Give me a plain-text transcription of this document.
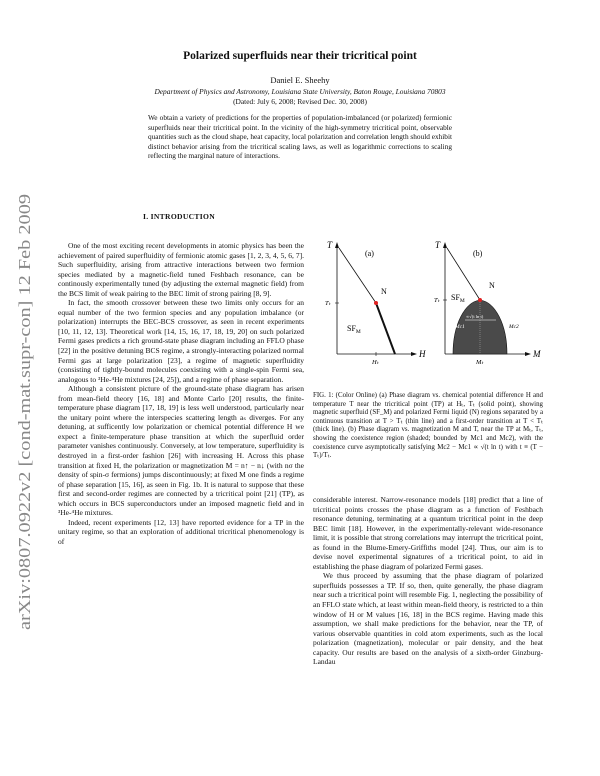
arXiv:0807.0922v2 [cond-mat.supr-con] 12 Feb 2009
Polarized superfluids near their tricritical point
Daniel E. Sheehy
Department of Physics and Astronomy, Louisiana State University, Baton Rouge, Louisiana 70803
(Dated: July 6, 2008; Revised Dec. 30, 2008)
We obtain a variety of predictions for the properties of population-imbalanced (or polarized) fermionic superfluids near their tricritical point. In the vicinity of the high-symmetry tricritical point, observable quantities such as the cloud shape, heat capacity, local polarization and correlation length should exhibit distinct behavior arising from the tricritical scaling laws, as well as logarithmic corrections to scaling reflecting the marginal nature of interactions.
I. INTRODUCTION

One of the most exciting recent developments in atomic physics has been the achievement of paired superfluidity of fermionic atomic gases [1, 2, 3, 4, 5, 6, 7]. Such superfluidity, arising from attractive interactions between two fermion species mediated by a magnetic-field tuned Feshbach resonance, can be continously experimentally tuned (by adjusting the external magnetic field) from the BCS limit of weak pairing to the BEC limit of strong pairing [8, 9].

In fact, the smooth crossover between these two limits only occurs for an equal number of the two fermion species and any population imbalance (or polarization) interrupts the BEC-BCS crossover, as seen in recent experiments [10, 11, 12, 13]. Theoretical work [14, 15, 16, 17, 18, 19, 20] on such polarized Fermi gases predicts a rich ground-state phase diagram including an FFLO phase [22] in the positive detuning BCS regime, a strongly-interacting polarized normal Fermi gas at large polarization [23], a regime of magnetic superfluidity (consisting of tightly-bound molecules coexisting with a single-spin Fermi sea, analogous to ³He-⁴He mixtures [24, 25]), and a regime of phase separation.

Although a consistent picture of the ground-state phase diagram has arisen from mean-field theory [16, 18] and Monte Carlo [20] results, the finite-temperature phase diagram [17, 18, 19] is less well understood, particularly near the unitary point where the interspecies scattering length aₛ diverges. For any detuning, at sufficently low polarization or chemical potential difference H we expect a finite-temperature phase transition at which the superfluid order parameter vanishes continuously. Conversely, at low temperature, superfluidity is destroyed in a first-order fashion [26] with increasing H. Across this phase transition at fixed H, the polarization or magnetization M = n↑ − n↓ (with nσ the density of spin-σ fermions) jumps discontinuously; at fixed M one finds a regime of phase separation [15, 16], as seen in Fig. 1b. It is natural to suppose that these first and second-order regimes are connected by a tricritical point [21] (TP), as which occurs in BCS superconductors under an imposed magnetic field and in ³He-⁴He mixtures.

Indeed, recent experiments [12, 13] have reported evidence for a TP in the unitary regime, so that an exploration of additional tricritical phenomenology is of

T
H
(a)
Tₜ
Hₜ
N
$SF_M$
T
M
(b)
Tₜ
Mₜ
Mc1	Mc2
∝√(t ln t)
N
$SF_M$
FIG. 1: (Color Online) (a) Phase diagram vs. chemical potential difference H and temperature T near the tricritical point (TP) at Hₜ, Tₜ (solid point), showing magnetic superfluid (SF_M) and polarized Fermi liquid (N) regions separated by a continuous transition at T > Tₜ (thin line) and a first-order transition at T < Tₜ (thick line). (b) Phase diagram vs. magnetization M and T, near the TP at Mₜ, Tₜ, showing the coexistence region (shaded; bounded by Mc1 and Mc2), with the coexistence curve asymptotically satisfying Mc2 − Mc1 ∝ √(t ln t) with t ≡ (T − Tₜ)/Tₜ.

considerable interest. Narrow-resonance models [18] predict that a line of tricritical points crosses the phase diagram as a function of Feshbach resonance detuning, terminating at a quantum tricritical point in the deep BEC limit [18]. However, in the experimentally-relevant wide-resonance limit, it is possible that strong correlations may interrupt the tricritical point, as found in the Blume-Emery-Griffiths model [24]. Thus, our aim is to devise novel experimental signatures of a tricritical point, to aid in establishing the phase diagram of polarized Fermi gases.

We thus proceed by assuming that the phase diagram of polarized superfluids possesses a TP. If so, then, quite generally, the phase diagram near such a tricritical point will resemble Fig. 1, neglecting the possibility of an FFLO state which, at least within mean-field theory, is restricted to a thin window of H or M values [16, 18] in the BCS regime. Having made this assumption, we shall make predictions for the behavior, near the TP, of various observable quantities in cold atom experiments, such as the local polarization (magnetization), molecular or pair density, and the heat capacity. Our results are based on the analysis of a sixth-order Ginzburg-Landau
